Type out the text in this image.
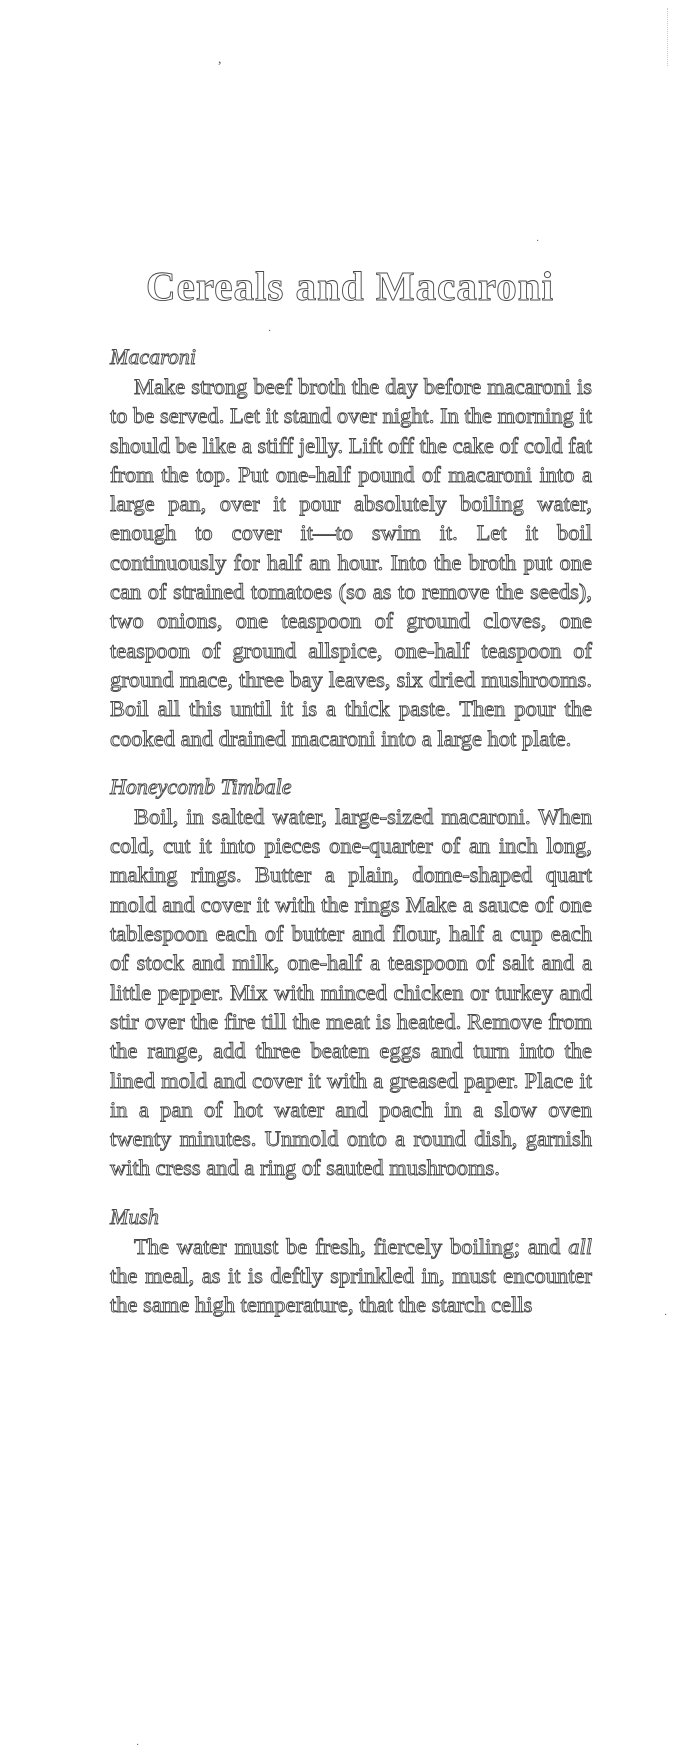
,
·
·
·
·
Cereals and Macaroni
Macaroni

Make strong beef broth the day before macaroni is to be served. Let it stand over night. In the morning it should be like a stiff jelly. Lift off the cake of cold fat from the top. Put one-half pound of macaroni into a large pan, over it pour absolutely boiling water, enough to cover it—to swim it. Let it boil continuously for half an hour. Into the broth put one can of strained tomatoes (so as to remove the seeds), two onions, one teaspoon of ground cloves, one teaspoon of ground allspice, one-half teaspoon of ground mace, three bay leaves, six dried mushrooms. Boil all this until it is a thick paste. Then pour the cooked and drained macaroni into a large hot plate.

Honeycomb Timbale

Boil, in salted water, large-sized macaroni. When cold, cut it into pieces one-quarter of an inch long, making rings. Butter a plain, dome-shaped quart mold and cover it with the rings Make a sauce of one tablespoon each of butter and flour, half a cup each of stock and milk, one-half a teaspoon of salt and a little pepper. Mix with minced chicken or turkey and stir over the fire till the meat is heated. Remove from the range, add three beaten eggs and turn into the lined mold and cover it with a greased paper. Place it in a pan of hot water and poach in a slow oven twenty minutes. Unmold onto a round dish, garnish with cress and a ring of sauted mushrooms.

Mush

The water must be fresh, fiercely boiling; and all the meal, as it is deftly sprinkled in, must encounter the same high temperature, that the starch cells
